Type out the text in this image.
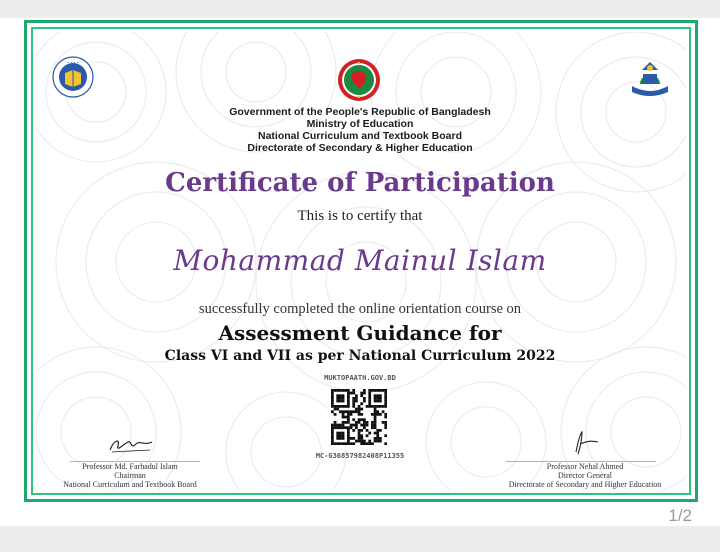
• • • •
Government of the People's Republic of Bangladesh
Ministry of Education
National Curriculum and Textbook Board
Directorate of Secondary & Higher Education
Certificate of Participation
This is to certify that
Mohammad Mainul Islam
successfully completed the online orientation course on
Assessment Guidance for
Class VI and VII as per National Curriculum 2022
MUKTOPAATH.GOV.BD
MC-G36857982408P11355
Professor Md. Farhadul Islam
Chairman
National Curriculum and Textbook Board
Professor Nehal Ahmed
Director General
Directorate of Secondary and Higher Education
1/2
